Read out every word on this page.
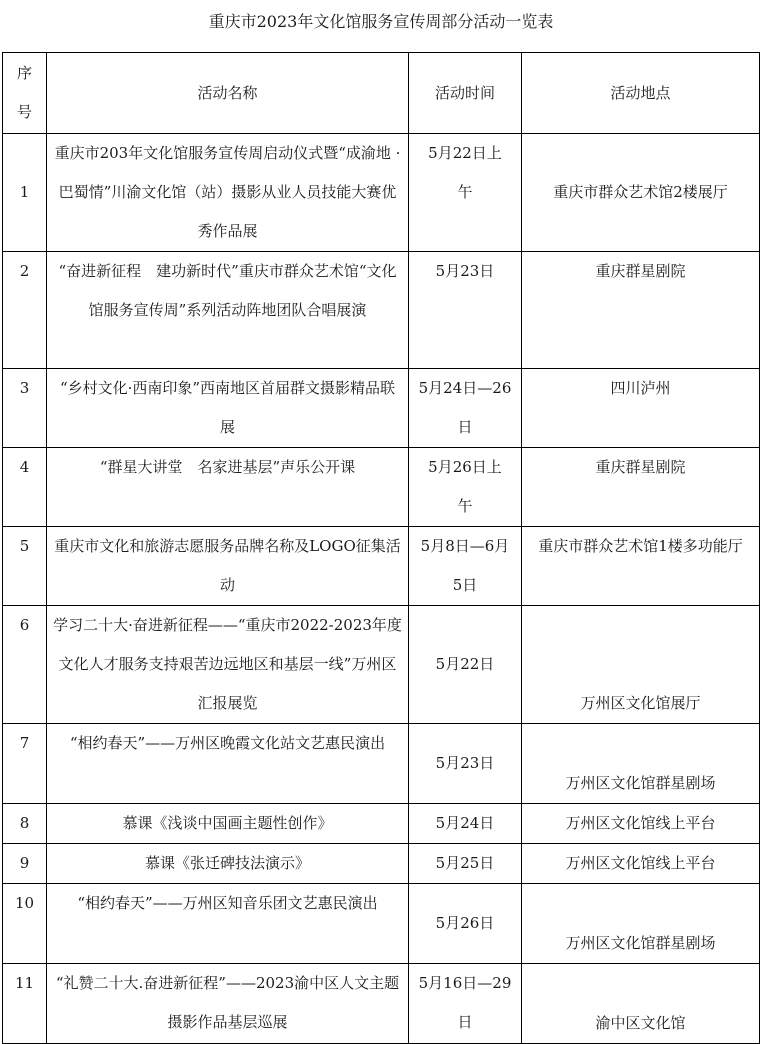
重庆市2023年文化馆服务宣传周部分活动一览表
序号	活动名称	活动时间	活动地点
1	重庆市203年文化馆服务宣传周启动仪式暨“成渝地 ·巴蜀情”川渝文化馆（站）摄影从业人员技能大赛优秀作品展	5月22日上午	重庆市群众艺术馆2楼展厅
2	“奋进新征程　建功新时代”重庆市群众艺术馆“文化馆服务宣传周”系列活动阵地团队合唱展演	5月23日	重庆群星剧院
3	“乡村文化·西南印象”西南地区首届群文摄影精品联展	5月24日—26日	四川泸州
4	“群星大讲堂　名家进基层”声乐公开课	5月26日上午	重庆群星剧院
5	重庆市文化和旅游志愿服务品牌名称及LOGO征集活动	5月8日—6月5日	重庆市群众艺术馆1楼多功能厅
6	学习二十大·奋进新征程——“重庆市2022-2023年度文化人才服务支持艰苦边远地区和基层一线”万州区汇报展览	5月22日	万州区文化馆展厅
7	“相约春天”——万州区晚霞文化站文艺惠民演出	5月23日	万州区文化馆群星剧场
8	慕课《浅谈中国画主题性创作》	5月24日	万州区文化馆线上平台
9	慕课《张迁碑技法演示》	5月25日	万州区文化馆线上平台
10	“相约春天”——万州区知音乐团文艺惠民演出	5月26日	万州区文化馆群星剧场
11	“礼赞二十大.奋进新征程”——2023渝中区人文主题摄影作品基层巡展	5月16日—29日	渝中区文化馆
